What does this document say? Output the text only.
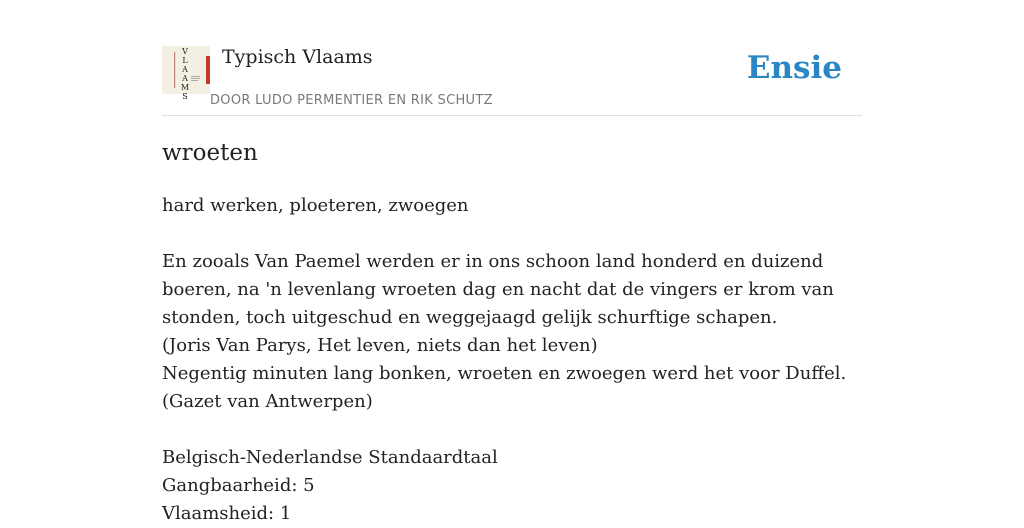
V
L
A
A
M
S
Typisch Vlaams
DOOR LUDO PERMENTIER EN RIK SCHUTZ
Ensie
wroeten

hard werken, ploeteren, zwoegen

En zooals Van Paemel werden er in ons schoon land honderd en duizend boeren, na 'n levenlang wroeten dag en nacht dat de vingers er krom van stonden, toch uitgeschud en weggejaagd gelijk schurftige schapen.

(Joris Van Parys, Het leven, niets dan het leven)

Negentig minuten lang bonken, wroeten en zwoegen werd het voor Duffel.

(Gazet van Antwerpen)

Belgisch-Nederlandse Standaardtaal

Gangbaarheid: 5

Vlaamsheid: 1
